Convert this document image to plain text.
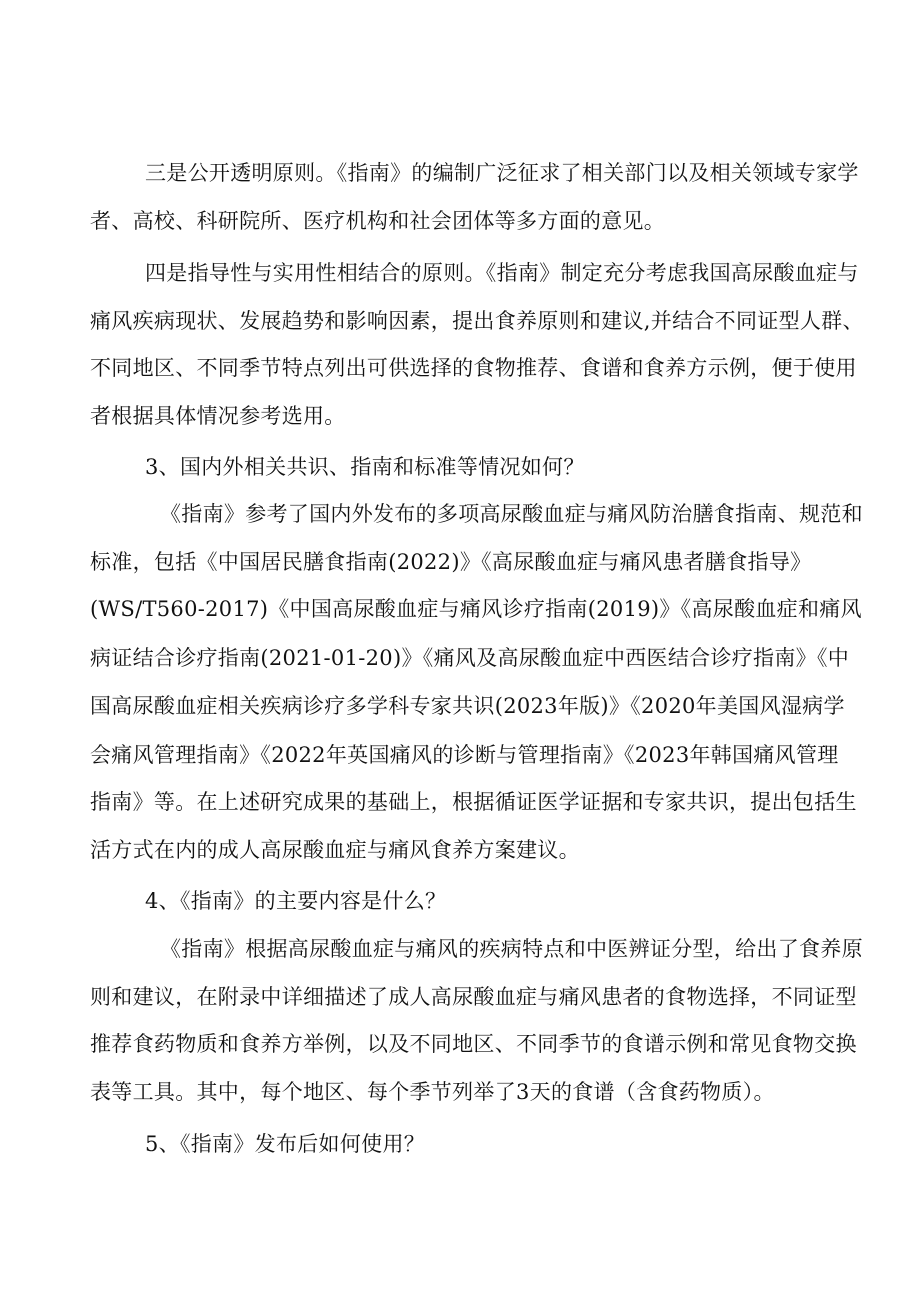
三是公开透明原则。《指南》的编制广泛征求了相关部门以及相关领域专家学
者、高校、科研院所、医疗机构和社会团体等多方面的意见。
四是指导性与实用性相结合的原则。《指南》制定充分考虑我国高尿酸血症与
痛风疾病现状、发展趋势和影响因素，提出食养原则和建议,并结合不同证型人群、
不同地区、不同季节特点列出可供选择的食物推荐、食谱和食养方示例，便于使用
者根据具体情况参考选用。
3、国内外相关共识、指南和标准等情况如何？
《指南》参考了国内外发布的多项高尿酸血症与痛风防治膳食指南、规范和
标准，包括《中国居民膳食指南(2022)》《高尿酸血症与痛风患者膳食指导》
(WS/T560-2017)《中国高尿酸血症与痛风诊疗指南(2019)》《高尿酸血症和痛风
病证结合诊疗指南(2021-01-20)》《痛风及高尿酸血症中西医结合诊疗指南》《中
国高尿酸血症相关疾病诊疗多学科专家共识(2023年版)》《2020年美国风湿病学
会痛风管理指南》《2022年英国痛风的诊断与管理指南》《2023年韩国痛风管理
指南》等。在上述研究成果的基础上，根据循证医学证据和专家共识，提出包括生
活方式在内的成人高尿酸血症与痛风食养方案建议。
4、《指南》的主要内容是什么？
《指南》根据高尿酸血症与痛风的疾病特点和中医辨证分型，给出了食养原
则和建议，在附录中详细描述了成人高尿酸血症与痛风患者的食物选择，不同证型
推荐食药物质和食养方举例，以及不同地区、不同季节的食谱示例和常见食物交换
表等工具。其中，每个地区、每个季节列举了3天的食谱（含食药物质）。
5、《指南》发布后如何使用？
